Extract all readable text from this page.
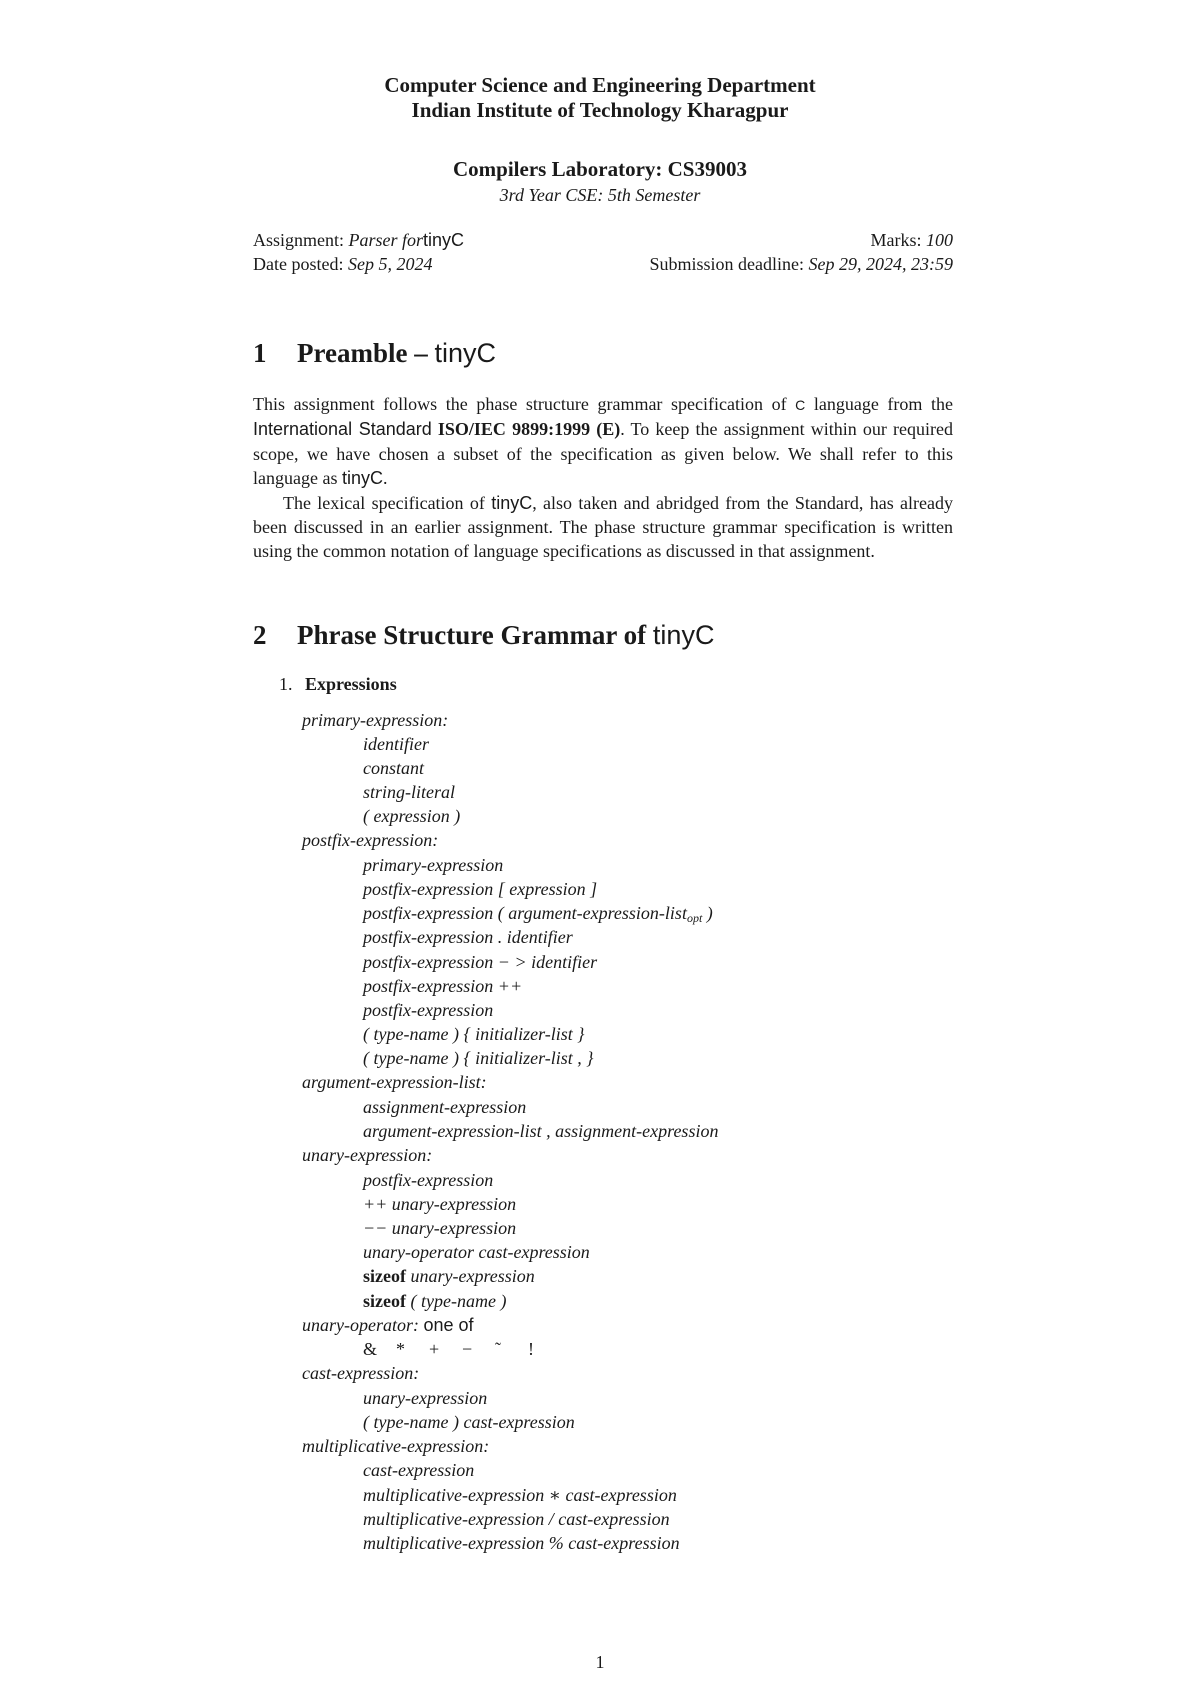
Computer Science and Engineering Department
Indian Institute of Technology Kharagpur
Compilers Laboratory: CS39003
3rd Year CSE: 5th Semester
Assignment: Parser fortinyC	Marks: 100
Date posted: Sep 5, 2024	Submission deadline: Sep 29, 2024, 23:59
1 Preamble – tinyC

This assignment follows the phase structure grammar specification of C language from the International Standard ISO/IEC 9899:1999 (E). To keep the assignment within our required scope, we have chosen a subset of the specification as given below. We shall refer to this language as tinyC.

The lexical specification of tinyC, also taken and abridged from the Standard, has already been discussed in an earlier assignment. The phase structure grammar specification is written using the common notation of language specifications as discussed in that assignment.

2 Phrase Structure Grammar of tinyC
1. Expressions
primary-expression:
identifier
constant
string-literal
( expression )
postfix-expression:
primary-expression
postfix-expression [ expression ]
postfix-expression ( argument-expression-list$_{opt}$ )
postfix-expression . identifier
postfix-expression − > identifier
postfix-expression ++
postfix-expression
( type-name ) { initializer-list }
( type-name ) { initializer-list , }
argument-expression-list:
assignment-expression
argument-expression-list , assignment-expression
unary-expression:
postfix-expression
++ unary-expression
−− unary-expression
unary-operator cast-expression
sizeof unary-expression
sizeof ( type-name )
unary-operator: one of
& * + − ˜ !
cast-expression:
unary-expression
( type-name ) cast-expression
multiplicative-expression:
cast-expression
multiplicative-expression ∗ cast-expression
multiplicative-expression / cast-expression
multiplicative-expression % cast-expression
1
